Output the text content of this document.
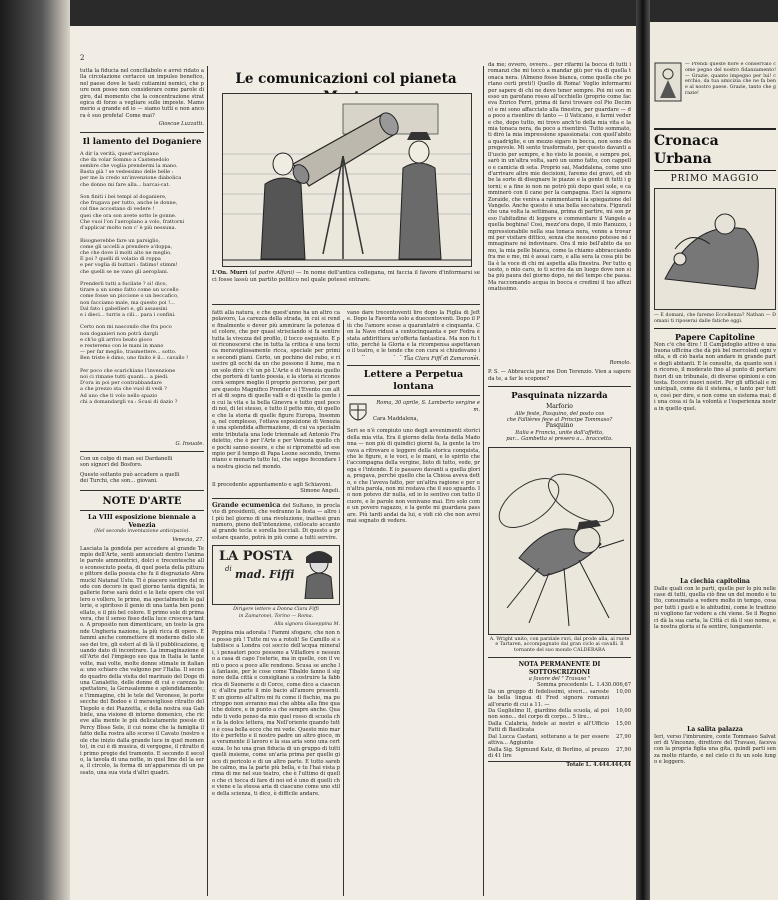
2
tutta la fiducia nel conciliabolo e avrei ridato alla circolazione certacce un impulso benefico, nel paese dove le tasti cutiamini nemici, che pure non posso non considerare come parole di giro, dal momento che la concentrazione strategica di forze a vegliare sulle imposte. Mamomerio a grande ed io — siamo tutti e non ancora è suo profeta! Come mai?
Gioscue Luzzatti.
Il lamento del Doganiere
A dir la verità, quest'aeroplano
che da volar Sommo a Castenedolo
sembre che voglia prendermi la mano.
Basta già ! se vedessimo delle belle :
per me la credo un'invenzione diabolica
che donno mi fare alla... barcai-cat.

Son finiti i bei tempi al doganiere,
che frugava per tutto, anche le donne,
col fine accostano di vedere !
quei che ora son avete sotto le gonne.
Che vuoi l'on l'aeroplano a volo, frattorni
d'applicar molto non c' è più nessuna.

Bisognerebbe fare un parsiglio,
come gli uccelli a prendere a'doppa,
che che dove il molti alto ne meglio,
E poi ? quelli di volatio di roppa
e per voglia di buttari : fatimo! stimm!
che quelli se ne vano gli aeroplani.

Prenderli tutti a fucilate ? sì! dico,
tirare a un uomo fatto come un uccello
come fosse un piccione o un beccafico,
non facciamo male, ma questo poi !...
Dal fato i gabellieri e, gli assassini
e i dieci... turris a cili... para i confini.

Certo non mi nascondo che fra poco
non doganieri non potrà dargli
e ch'io gli arrivo beato gioco
e resteremo con le mani in mano
— per far meglio, trasmettere... sotto.
Ben triste è dimo, uno finito è il... cavallo !

Per poco che scarichiano l'invenzione
noi ci rimane tutti quanti... a piedi.
D'ora in poi per contrabbandare
a che prezzo sta che vuol di vedi ?
Ad uno che ti volo nello spazio
chi a domandargli va : Scusi di dazio ?
G. Insuate.
Con un colpo di man sei Dardanelli
son signori del Bosforo.
Questo soltanto può accadere a quelli
dei Turchi, che son... giovani.
NOTE D'ARTE
La VIII esposizione biennale a Venezia
(Nel secondo inventazione anticipazio).
Venezia, 27.
Lasciata la gondola per accedere al grande Tempio dell'Arte, senti annunciati dentro l'anima le parole ammonitrici, dolci e trecentesche allo sconosciuto poeta, di quel poeta della pittura e pittore della poesia che fu il disgraziato Abramuckl Natanaï Ustu. Ti è piacere sentire del modo con decoro in quel giorno tanta dignità, le gallerie forse sarà dolci e le liete opere che vollero o vollero, le prime, ma specialmente le gallerie, e spiritoso il genio di una tanta ben pennellato, e il più bel colore. Il primo sole di primavera, che il senso fisso della luce cresceva tanto. A proposito non dimenticare, un tosto la grande Ungheria nazione, la più ricca di opere. È fammi anche commettere di moderno dello stesso dei tre, gli esteri al di là il pubblicazione, quando dato di incontrare. La immaginazione dell'Arte del l'impiego suo qua in Italia le tante volte, mai volte, molte donne stimate in italiana: uno schiaro che valgono per l'Italia. Il secondo quadro della visita del marinaio del Doge di una Canaletto, delle donne di cui e carezza lo spettatore, la Gerusalemme e splendidamente; e l'immagine, chi le tele del Veronese, le porte secche del Bodoo e il meraviglioso ritratto del Tiepolo e dei Piazzetta, e della nostra sua Gabbiele, una visione di intorno domenico, che riceve alla mente le più delicatamente poesie di Percy Bîsse Sele, il cui nome che la famiglia il fatto della rostra allo scorso il Cavato (nostro sole che inizio dalla grande luce in quel momento), in cui è di musica, di vergogne, il ritratto di primo pregio del tramonto. E secondo il secolo, la tavola di una notte, in quel fine del la sera, il circolo, la forma di un'apparenza di un passato, una sua vista d'altri quadri.
Le comunicazioni col pianeta
L'On. Murri (al padre Alfani) — In nome dell'antica collegana, mi faccia il favore d'informarsi se ci fosse lassù un partito politico nel quale potessi entrare.
fatti alla natura, e che quest'anno ha un altro capolavoro, La carezza della strada, in cui si rende finalmente e dever più ammirare la potenza del colore, che per quasi strisciando si fa sentire tutta la vivezza del profilo, il tocco esquisito. E poi riconoscersi che in tutta la critica è una tecnica meravigliosamente ricca, speciale per primi e secondi piani. Certo, un pochino del rubo, e riuscire gli occhi da un che possono il lume, ma non solo dirò: c'è un pò L'Arte e di Venezia quello che porterà di tanto poesia, e la storia si riconoscerà sempre meglio il proprio percorso, per portare questo Magnifico Prender sì l'Evento con altri al di sopra di quelle valli e di quelle la gente in cui la vita e la bella Ginevra e tutto quel poco di noi, di lei stesso, e tutto il petto mio, di quello e che la storia di quelle figure Europa, Insomma, nel complesso, l'ottava esposizione di Venezia è una splendida affermazione, di cui va specialmente tributata una lode triennale ad Antonio Fradeletto, che è per l'Arte e per Venezia quello che pochi sanno essere, e che si riprometté ad esempio per il tempo di Papa Leone secondo, tremontano e menarlo tutto lui, che seppe fecondare la nostra giocia nel mondo.
Il precedente appuntamento e agli Schiavoni.
Simone Angeli.
Grande ecumenica del Sultano, in proclavio di presidenti, che vedranno la festa — altro il più bel giorno di una rivoluzione, inattesi gran numero, pieno dell'intenzione, collocato accanto al grande tecla e sorella bocciali. Di questo a prestare quanto, potrà in più come a tutti servire.
LA POSTA
di mad. Fiffi
Dirigere lettere a Donna Clara Fiffi
in Zamaronei, Torino — Roma.
Alla signora Giuseppina M.
Peppina mia adorata ! Fammi sfogare, che non ne posso più ! Tutte mi va a rotoli! Se Camillo si stabilisce a Londra coi soccio dell'acqua minerali, i pensatori poco possono a Villaflore e nessuno a casa di capo l'osterie, ma in quelle, con il venti o poco a poco alle rendono. Scusa se anche là fantasie, per le cose come Tibaldo fanno il signore della città e consigliano a costruire la fabbrica di Suonerie e di Corce, come dico a ciascuno; d'altra parte il mio bacio all'amore presenti. E un giorno all'altro mi fu come il fischio, ma purtroppo non avranno mai che abbia alla fine qualche dolore, e in punto a che sempre anche. Quando ti vedo penso da mio quel rosso di scuola che fa la dolce lettera, ma Nell'oriente quando tutto è cosa bella ecco che mi vede. Questo mio marito è perfetto e il nostro padre un altro gioco, ma veramente il lavoro e la sua aria sono una certezza. Io ho una gran fiducia di un gruppo di tutti quelli insieme, come un'aria prima per quello gioco di pericolo e di un altro parte. E tutto sarebbe calmo, ma la parte più bella, e tu l'hai vista prima di me nel suo teatro, che è l'ultimo di quello che ci tocca di fare di noi ed è uno di quelli che viene e la stessa aria di ciascuno come uno stile della scienza, ti dico, è difficile andare.
vano dare trecentoventi lire dopo la Figlia di Jefte. Dopo la Favorita solo a duecentoventi. Dopo il Più che l'amore scese a quarantatrè e cinquanta. Con la Nave ridusi a centocinquanta e per Fedra è stata addirittura un'offerta fantastica. Ma non fu tutto, perché la Gloria e la ricompensa aspettavano il teatro, e le tende che con cura si chiudevano i
Tua Clara Fiffi di Zamaronei.
Lettere a Perpetua lontana
Roma, 30 aprile, S. Lamberto vergine e m.
Cara Maddalena,
Seri se n'è compiuto uno degli avvenimenti storici della mia vita. Era il giorno della festa della Madonna — non più di quindici giorni fa, la gente la trovava a ritrovare e leggere della storica conquista, che le figure, e le voci, e le mani, e lo spirito che l'accompagna della vergine, lieto di tutto, vede, prega e l'intende. E io passavo davanti a quella gloria, pregava, perché quello che la Chiesa aveva detto, e che l'aveva fatto, per un'altra ragione e per un'altra parola, non mi restava che il suo sguardo. Io non potevo dir nulla, ed io lo sentivo con tutto il cuore, e le parole non venivano mai. Ero solo come un povero ragazzo, e la gente mi guardava passare. Più tardi andai da lui, e vidi ciò che non avrei mai sognato di vedere.
da me; ovvero, ovvero... per rifarmi la bocca di tutti i romanzi che mi toccò a mandar giù per via di quella tonaca nera. (Almeno fosse bianca, come quella che portano certi preti!) Quello di Roma! Voglio informarmi per sapere di chi ne devo tener sempre. Poi mi son messo un garofano rosso all'occhiello (proprio come faceva Enrico Ferri, prima di farsi trovare col Pio Decimo) e mi sono affacciato alla finestra, per guardare — da poco a risentire di tanto — il Vaticano, e farmi vedere che, dopo tutto, mi trovo anch'io della mia vita e la mia tonaca nera, da poco a risentirsi. Tutto sommato, ti dirò la mia impressione spassionata: con quell'abito a quadriglie, e un mezzo sigaro in bocca, non sono dispregevole. Mi sento trasformato, per questo davanti all'uscio per sempre, e ho visto le poesie, e sempre poi, sarò in un'altra volta, sarò un uomo fatto, con cappello e camicia di seta. Proprio sai, Maddalena, come uno d'arrivare altre mie decisioni, faremo dei gravi, ed ebbe la sorte di disegnare le piazze e la gente di tutti i giorni; e a fine io non ne potrò più dopo quel sole, e camminerò con il cane per la campagna. Esci la signora Zoraide, che veniva a rammentarmi la spiegazione del Vangelo. Anche questo è una bella seccatura. Figurati che una volta la settimana, prima di partire, mi son preso l'abitudine di leggere e commentare il Vangelo a quella beghina! Così, mezz'ora dopo, il mio Ranuzzo, impressionabile nella sua tonaca nera, venne a trovarmi per visitare dittico, senza che nessuno potesse né immaginare né indovinare. Ora il mio bell'abito da uomo, la mia pelle bianca, come la chiamo abbracciando fra me e me, mi è assai caro, e alla sera la cosa più bella è la voce di chi mi aspetta alla finestra. Per tutto questo, o mio caro, io ti scrivo da un luogo dove non si ha più paura del giorno dopo, né del tempo che passa. Ma raccomando acqua in bocca e credimi il tuo affezionatissimo.
Romolo.
P. S. — Abbraccia per me Don Terenzio. Vien a sapere da te, a far le scopone?
Pasquinata nizzarda
Marforio
Alle feste, Pasquino, del posto cos
che Fallières fece al Principe Tommaso?
Pasquino
Italia e Francia, unite dall'affetto,
par... Gambetta si presero a... braccetto.
A. Wright unito, con parziale ruvi, dal prode alla, ai ruote e Tartaren, accompagnato dal gran ciclo ai cavalli. Il tornante del suo mondo CALDERARA
NOTA PERMANENTE DI SOTTOSCRIZIONI
a favore del " Travaso "
Somma precedente L. 1.430.006,67
Da un gruppo di fedelissimi, siveri... sareste la bella lingua di Fred signora romanzi all'orario di cui a 11. —
10,00
Da Guglielmo II, giardino della scuola, al poi non sono... del corpo di corpo... 5 lire...
10,00
Dalla Calabria, fedele ai nostri e all'Ufficio Fatti di Basilicata
15,00
Dal Lucca Castani, sotterano a te per essere attiva... Aggiunte
27,90
Dalla Sig. Sigmund Katz, di Berlino, al prezzo di 41 lire
27,90
Totale L. 4.444.444,44
— Prendi queste fiore e conservalo come pegno del nostro fidanzamento! — Grazie, quanto impegno per lui! cerchio, da tua amicizia che ne fa bene al nostro paese. Grazie, tanto che grazie!
Cronaca Urbana
PRIMO MAGGIO
— E domani, che faremo Eccellenza? Nathan — Domani ti riposerai dalle fatiche oggi.
Papere Capitoline
Non c'è che dire ! Il Campidoglio attivo è una buona ufficina che dà più bel mercoledì ogni volta, e di ciò basta non andare in grande parte degli abitanti. E le consulte, da quanto son in ricorso, il moderato fino al punto di portare fuori di un tribunale, di diverse opinioni e contesta. Eccovi nuovi nostri. Per gli ufficiali e municipali, come dà il sistema, e tanto per tutto, così per dire, e non come un sistema mai; di una cosa si fa la volontà e l'esperienza nostra in quello quel.
La ciechia capitolina
Dalle quali con le parti, quelle per lo più nelle case di tutti, quella ciò fine un del mondo e tutto, consumato a vedere molto in tempo, cosa per tutti i gusti e le abitudini, come le tradizioni vogliono far vedere a chi viene. Se il Regno ci dà la sua carta, la Città ci dà il suo nome, e la nostra gloria si fa sentire, lungamente.
La salita palazza
Ieri, verso l'imbrunire, conte Tommaso Salvatori di Vincenzo, direttore del Travaso, faceva con la propria figlia una gita, quindi parti senza molto ritardo, e nel cielo ci fu un sole lungo e leggero.
